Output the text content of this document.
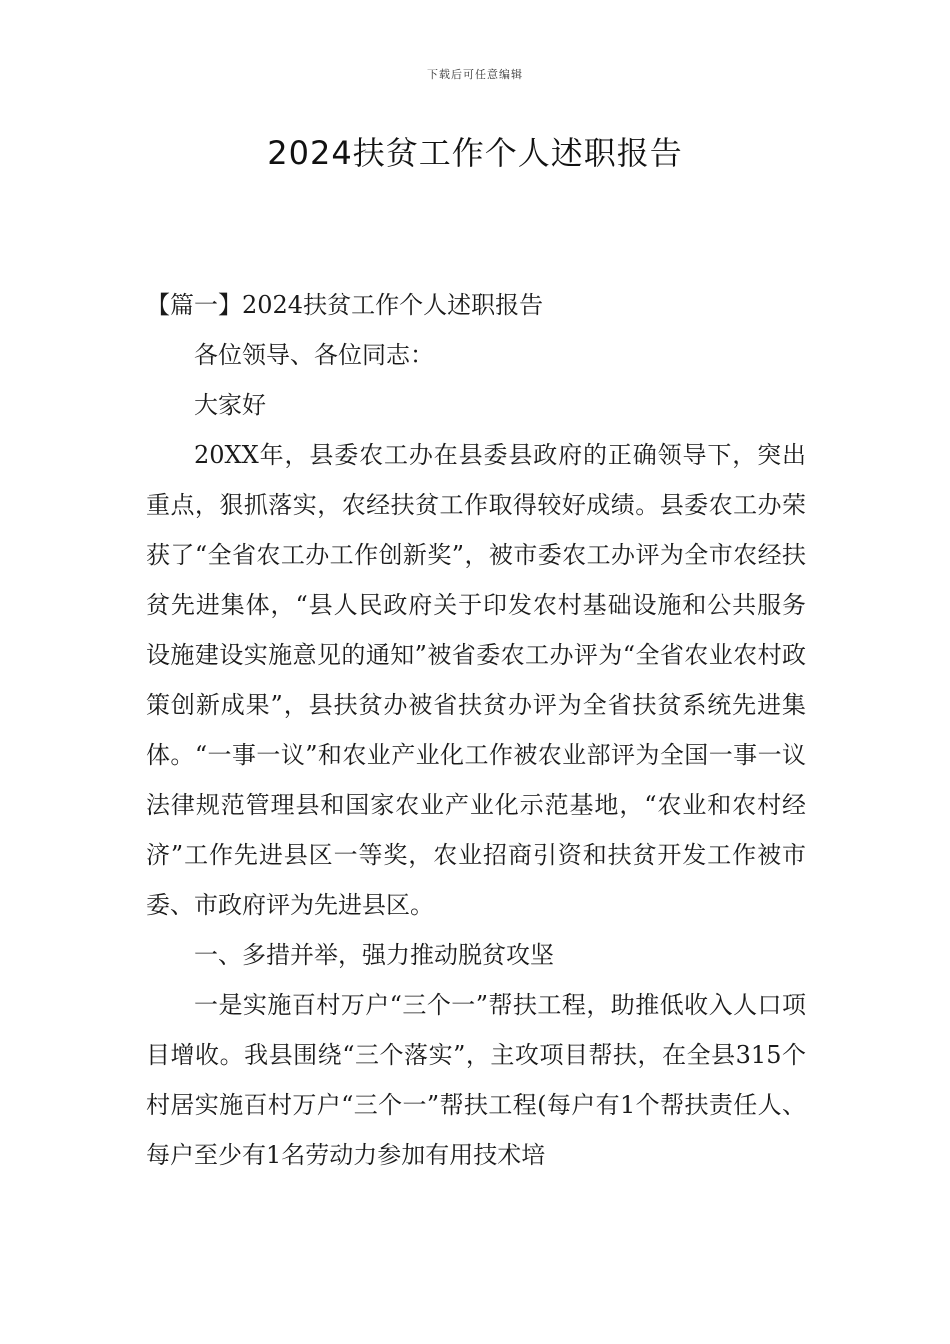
下载后可任意编辑
2024扶贫工作个人述职报告

【篇一】2024扶贫工作个人述职报告

各位领导、各位同志：

大家好

20XX年，县委农工办在县委县政府的正确领导下，突出重点，狠抓落实，农经扶贫工作取得较好成绩。县委农工办荣获了“全省农工办工作创新奖”，被市委农工办评为全市农经扶贫先进集体，“县人民政府关于印发农村基础设施和公共服务设施建设实施意见的通知”被省委农工办评为“全省农业农村政策创新成果”，县扶贫办被省扶贫办评为全省扶贫系统先进集体。“一事一议”和农业产业化工作被农业部评为全国一事一议法律规范管理县和国家农业产业化示范基地，“农业和农村经济”工作先进县区一等奖，农业招商引资和扶贫开发工作被市委、市政府评为先进县区。

一、多措并举，强力推动脱贫攻坚

一是实施百村万户“三个一”帮扶工程，助推低收入人口项目增收。我县围绕“三个落实”，主攻项目帮扶，在全县315个村居实施百村万户“三个一”帮扶工程(每户有1个帮扶责任人、每户至少有1名劳动力参加有用技术培
